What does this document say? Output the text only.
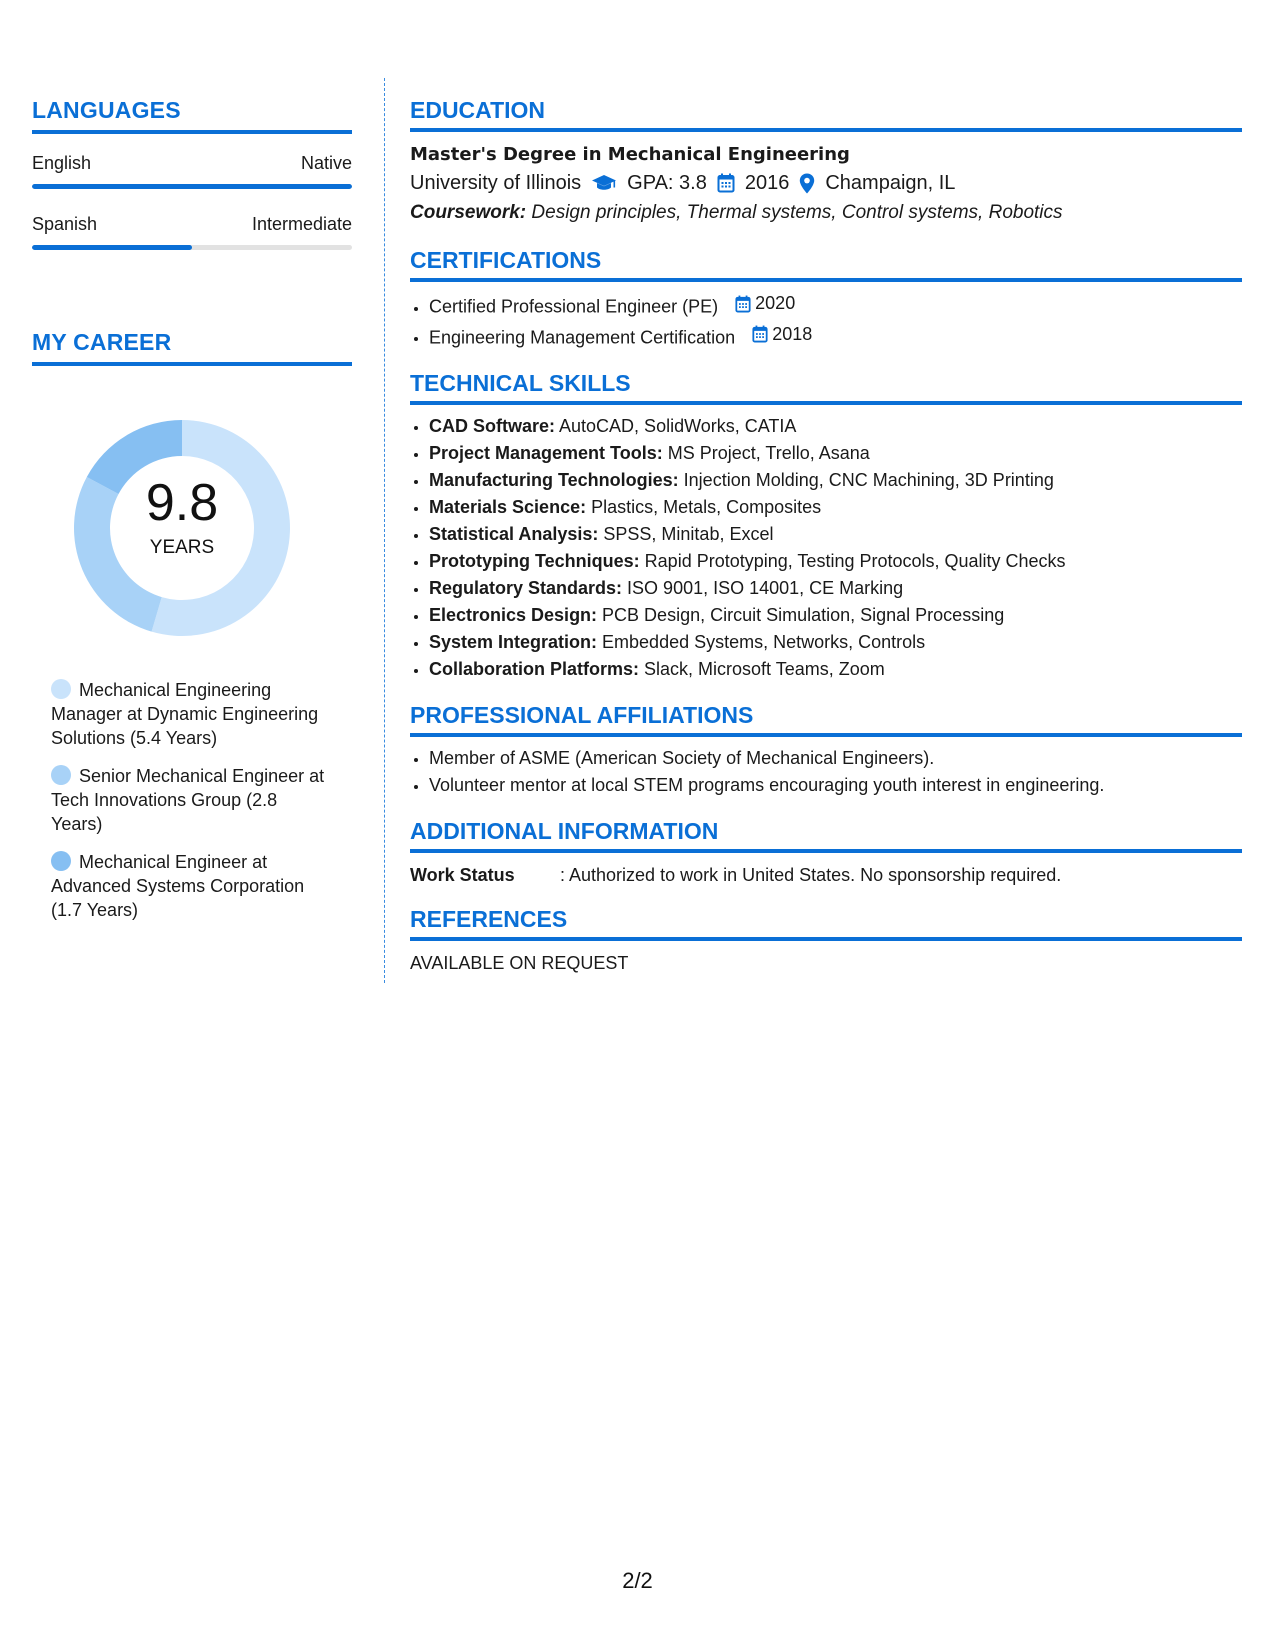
LANGUAGES
English	Native
Spanish	Intermediate
MY CAREER
9.8
YEARS
Mechanical Engineering Manager at Dynamic Engineering Solutions (5.4 Years)
Senior Mechanical Engineer at Tech Innovations Group (2.8 Years)
Mechanical Engineer at Advanced Systems Corporation (1.7 Years)
EDUCATION
Master's Degree in Mechanical Engineering
University of Illinois GPA: 3.8 2016 Champaign, IL
Coursework: Design principles, Thermal systems, Control systems, Robotics
CERTIFICATIONS
• Certified Professional Engineer (PE) 2020
• Engineering Management Certification 2018
TECHNICAL SKILLS
• CAD Software: AutoCAD, SolidWorks, CATIA
• Project Management Tools: MS Project, Trello, Asana
• Manufacturing Technologies: Injection Molding, CNC Machining, 3D Printing
• Materials Science: Plastics, Metals, Composites
• Statistical Analysis: SPSS, Minitab, Excel
• Prototyping Techniques: Rapid Prototyping, Testing Protocols, Quality Checks
• Regulatory Standards: ISO 9001, ISO 14001, CE Marking
• Electronics Design: PCB Design, Circuit Simulation, Signal Processing
• System Integration: Embedded Systems, Networks, Controls
• Collaboration Platforms: Slack, Microsoft Teams, Zoom
PROFESSIONAL AFFILIATIONS
• Member of ASME (American Society of Mechanical Engineers).
• Volunteer mentor at local STEM programs encouraging youth interest in engineering.
ADDITIONAL INFORMATION
Work Status	: Authorized to work in United States. No sponsorship required.
REFERENCES
AVAILABLE ON REQUEST
2/2
